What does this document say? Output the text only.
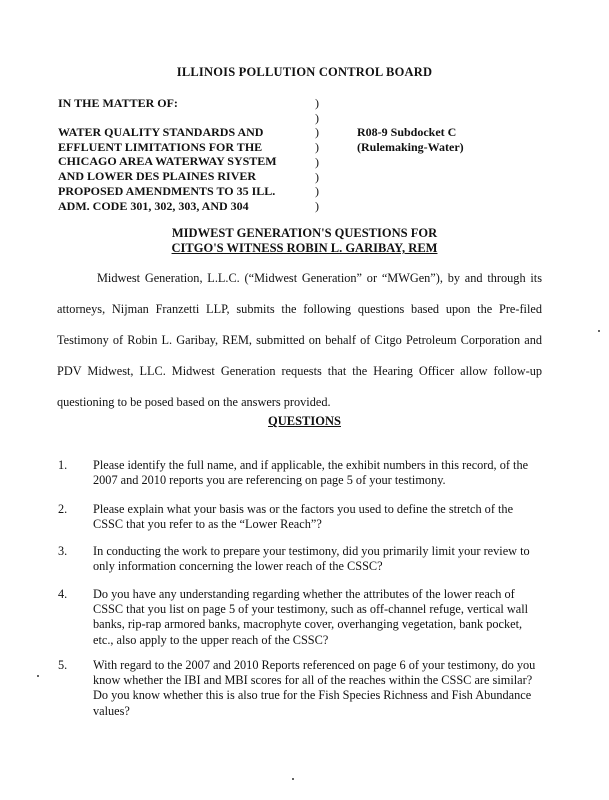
ILLINOIS POLLUTION CONTROL BOARD
IN THE MATTER OF:
WATER QUALITY STANDARDS AND
EFFLUENT LIMITATIONS FOR THE
CHICAGO AREA WATERWAY SYSTEM
AND LOWER DES PLAINES RIVER
PROPOSED AMENDMENTS TO 35 ILL.
ADM. CODE 301, 302, 303, AND 304
)
)
)
)
)
)
)
)
R08-9 Subdocket C
(Rulemaking-Water)
MIDWEST GENERATION'S QUESTIONS FOR
CITGO'S WITNESS ROBIN L. GARIBAY, REM
Midwest Generation, L.L.C. (“Midwest Generation” or “MWGen”), by and through its attorneys, Nijman Franzetti LLP, submits the following questions based upon the Pre-filed Testimony of Robin L. Garibay, REM, submitted on behalf of Citgo Petroleum Corporation and PDV Midwest, LLC. Midwest Generation requests that the Hearing Officer allow follow-up questioning to be posed based on the answers provided.
QUESTIONS
1. Please identify the full name, and if applicable, the exhibit numbers in this record, of the 2007 and 2010 reports you are referencing on page 5 of your testimony.
2. Please explain what your basis was or the factors you used to define the stretch of the CSSC that you refer to as the “Lower Reach”?
3. In conducting the work to prepare your testimony, did you primarily limit your review to only information concerning the lower reach of the CSSC?
4. Do you have any understanding regarding whether the attributes of the lower reach of CSSC that you list on page 5 of your testimony, such as off-channel refuge, vertical wall banks, rip-rap armored banks, macrophyte cover, overhanging vegetation, bank pocket, etc., also apply to the upper reach of the CSSC?
5. With regard to the 2007 and 2010 Reports referenced on page 6 of your testimony, do you know whether the IBI and MBI scores for all of the reaches within the CSSC are similar? Do you know whether this is also true for the Fish Species Richness and Fish Abundance values?
